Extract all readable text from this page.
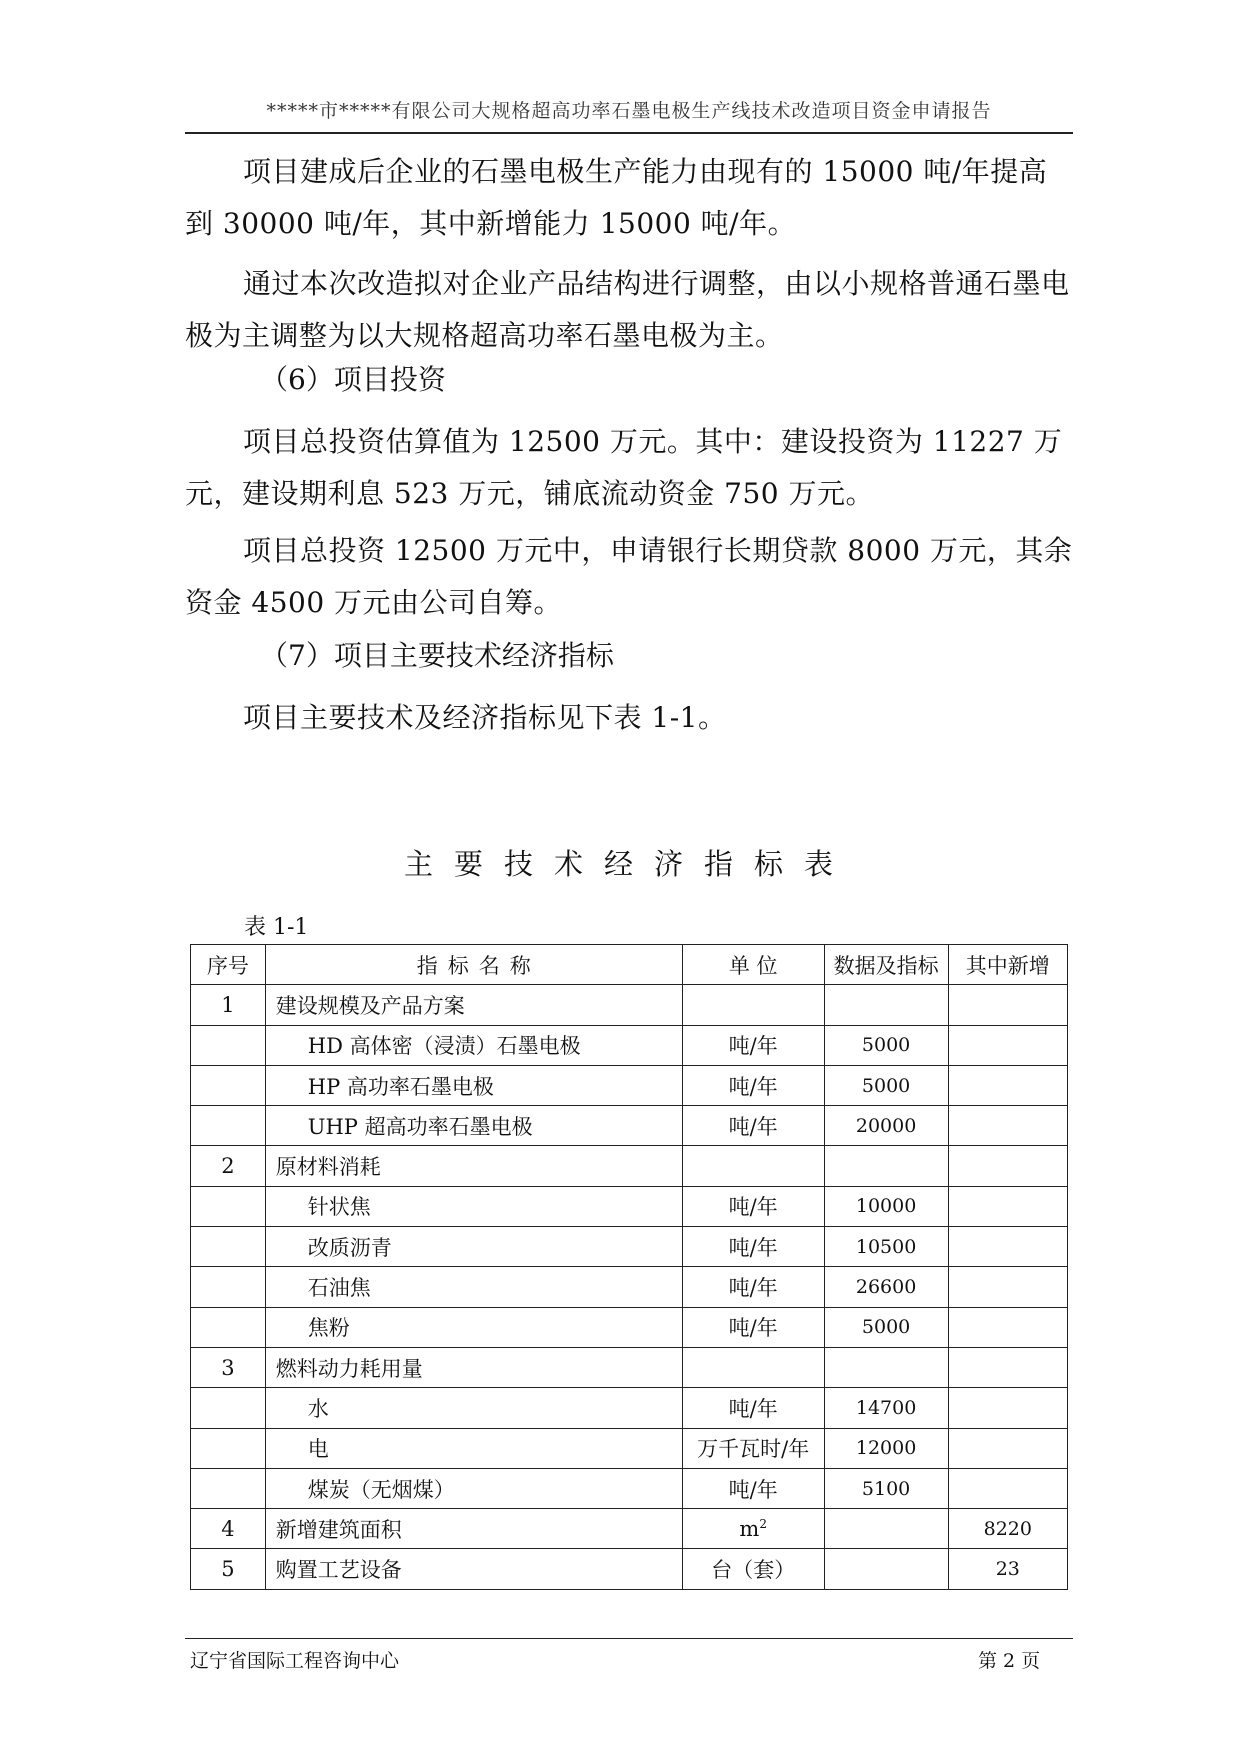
*****市*****有限公司大规格超高功率石墨电极生产线技术改造项目资金申请报告

项目建成后企业的石墨电极生产能力由现有的 15000 吨/年提高到 30000 吨/年，其中新增能力 15000 吨/年。

通过本次改造拟对企业产品结构进行调整，由以小规格普通石墨电极为主调整为以大规格超高功率石墨电极为主。

（6）项目投资

项目总投资估算值为 12500 万元。其中：建设投资为 11227 万元，建设期利息 523 万元，铺底流动资金 750 万元。

项目总投资 12500 万元中，申请银行长期贷款 8000 万元，其余资金 4500 万元由公司自筹。

（7）项目主要技术经济指标

项目主要技术及经济指标见下表 1-1。

主要技术经济指标表
表 1-1
序号	指标名称	单 位	数据及指标	其中新增
1	建设规模及产品方案			
	HD 高体密（浸渍）石墨电极	吨/年	5000	
	HP 高功率石墨电极	吨/年	5000	
	UHP 超高功率石墨电极	吨/年	20000	
2	原材料消耗			
	针状焦	吨/年	10000	
	改质沥青	吨/年	10500	
	石油焦	吨/年	26600	
	焦粉	吨/年	5000	
3	燃料动力耗用量			
	水	吨/年	14700	
	电	万千瓦时/年	12000	
	煤炭（无烟煤）	吨/年	5100	
4	新增建筑面积	$m^2$		8220
5	购置工艺设备	台（套）		23
辽宁省国际工程咨询中心	第 2 页
